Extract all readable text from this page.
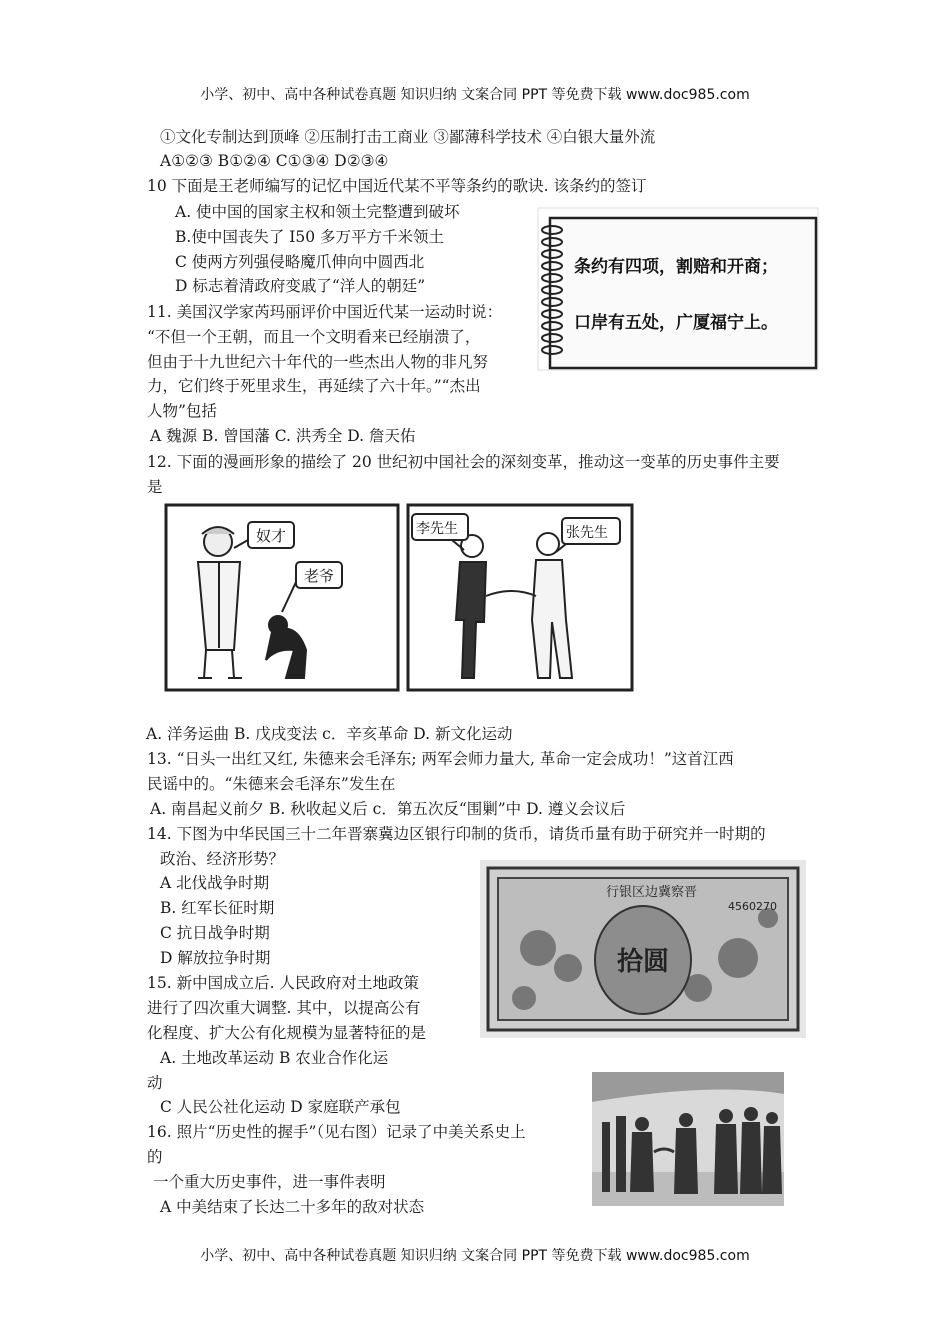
小学、初中、高中各种试卷真题 知识归纳 文案合同 PPT 等免费下载 www.doc985.com
①文化专制达到顶峰 ②压制打击工商业 ③鄙薄科学技术 ④白银大量外流
A①②③ B①②④ C①③④ D②③④
10 下面是王老师编写的记忆中国近代某不平等条约的歌诀. 该条约的签订
A. 使中国的国家主权和领土完整遭到破坏
B.使中国丧失了 I50 多万平方千米领土
C 使两方列强侵略魔爪伸向中圆西北
D 标志着清政府变戚了“洋人的朝廷”
条约有四项，割赔和开商；
口岸有五处，广厦福宁上。
11. 美国汉学家芮玛丽评价中国近代某一运动时说：
“不但一个王朝，而且一个文明看来已经崩溃了，
但由于十九世纪六十年代的一些杰出人物的非凡努
力，它们终于死里求生，再延续了六十年。”“杰出
人物”包括
A 魏源 B. 曾国藩 C. 洪秀全 D. 詹天佑
12. 下面的漫画形象的描绘了 20 世纪初中国社会的深刻变革，推动这一变革的历史事件主要
是
奴才
老爷
李先生	张先生
A. 洋务运曲 B. 戊戌变法 c．辛亥革命 D. 新文化运动
13. “日头一出红又红, 朱德来会毛泽东; 两军会师力量大, 革命一定会成功！”这首江西
民谣中的。“朱德来会毛泽东”发生在
A. 南昌起义前夕 B. 秋收起义后 c．第五次反“围剿”中 D. 遵义会议后
14. 下图为中华民国三十二年晋寨冀边区银行印制的货币，请货币量有助于研究并一时期的
政治、经济形势？
A 北伐战争时期
B. 红军长征时期
C 抗日战争时期
D 解放拉争时期	拾圆
行银区边冀察晋
4560270
15. 新中国成立后. 人民政府对土地政策
进行了四次重大调整. 其中，以提高公有
化程度、扩大公有化规模为显著特征的是
A. 土地改革运动 B 农业合作化运
动
C 人民公社化运动 D 家庭联产承包
16. 照片“历史性的握手”（见右图）记录了中美关系史上
的
一个重大历史事件，进一事件表明
A 中美结束了长达二十多年的敌对状态
小学、初中、高中各种试卷真题 知识归纳 文案合同 PPT 等免费下载 www.doc985.com
